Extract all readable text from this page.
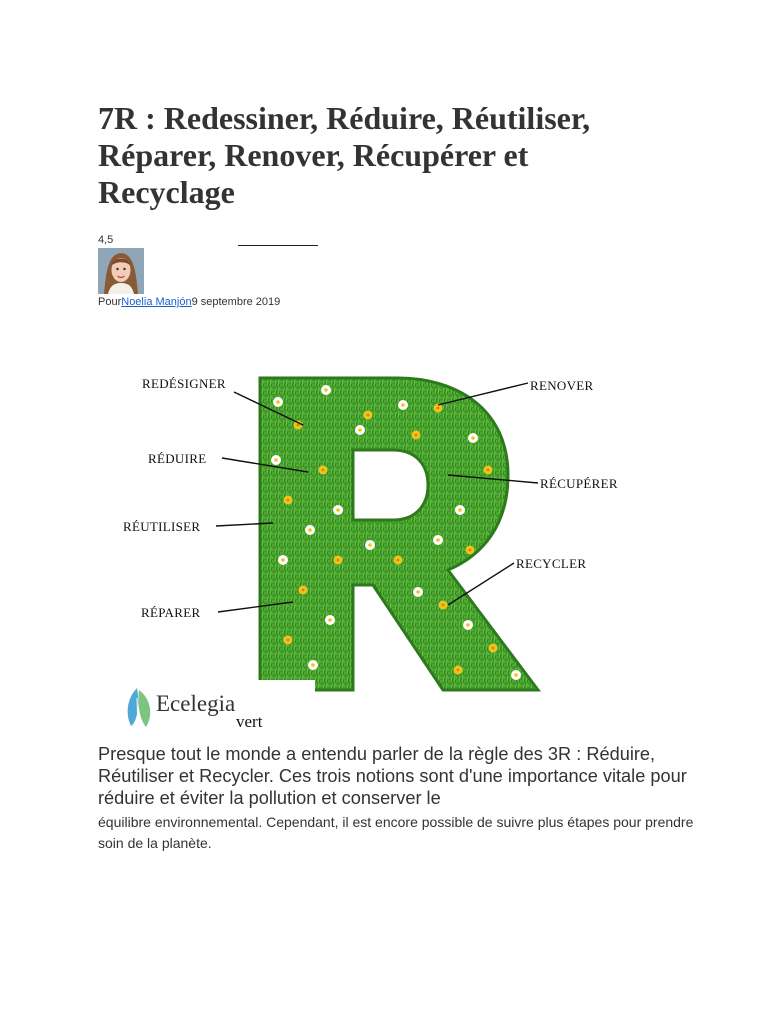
7R : Redessiner, Réduire, Réutiliser, Réparer, Renover, Récupérer et Recyclage
4,5
PourNoelia Manjón9 septembre 2019
REDÉSIGNER
RÉDUIRE
RÉUTILISER
RÉPARER
RENOVER
RÉCUPÉRER
RECYCLER
Ecelegia
vert

Presque tout le monde a entendu parler de la règle des 3R : Réduire, Réutiliser et Recycler. Ces trois notions sont d'une importance vitale pour réduire et éviter la pollution et conserver le

équilibre environnemental. Cependant, il est encore possible de suivre plus étapes pour prendre soin de la planète.
